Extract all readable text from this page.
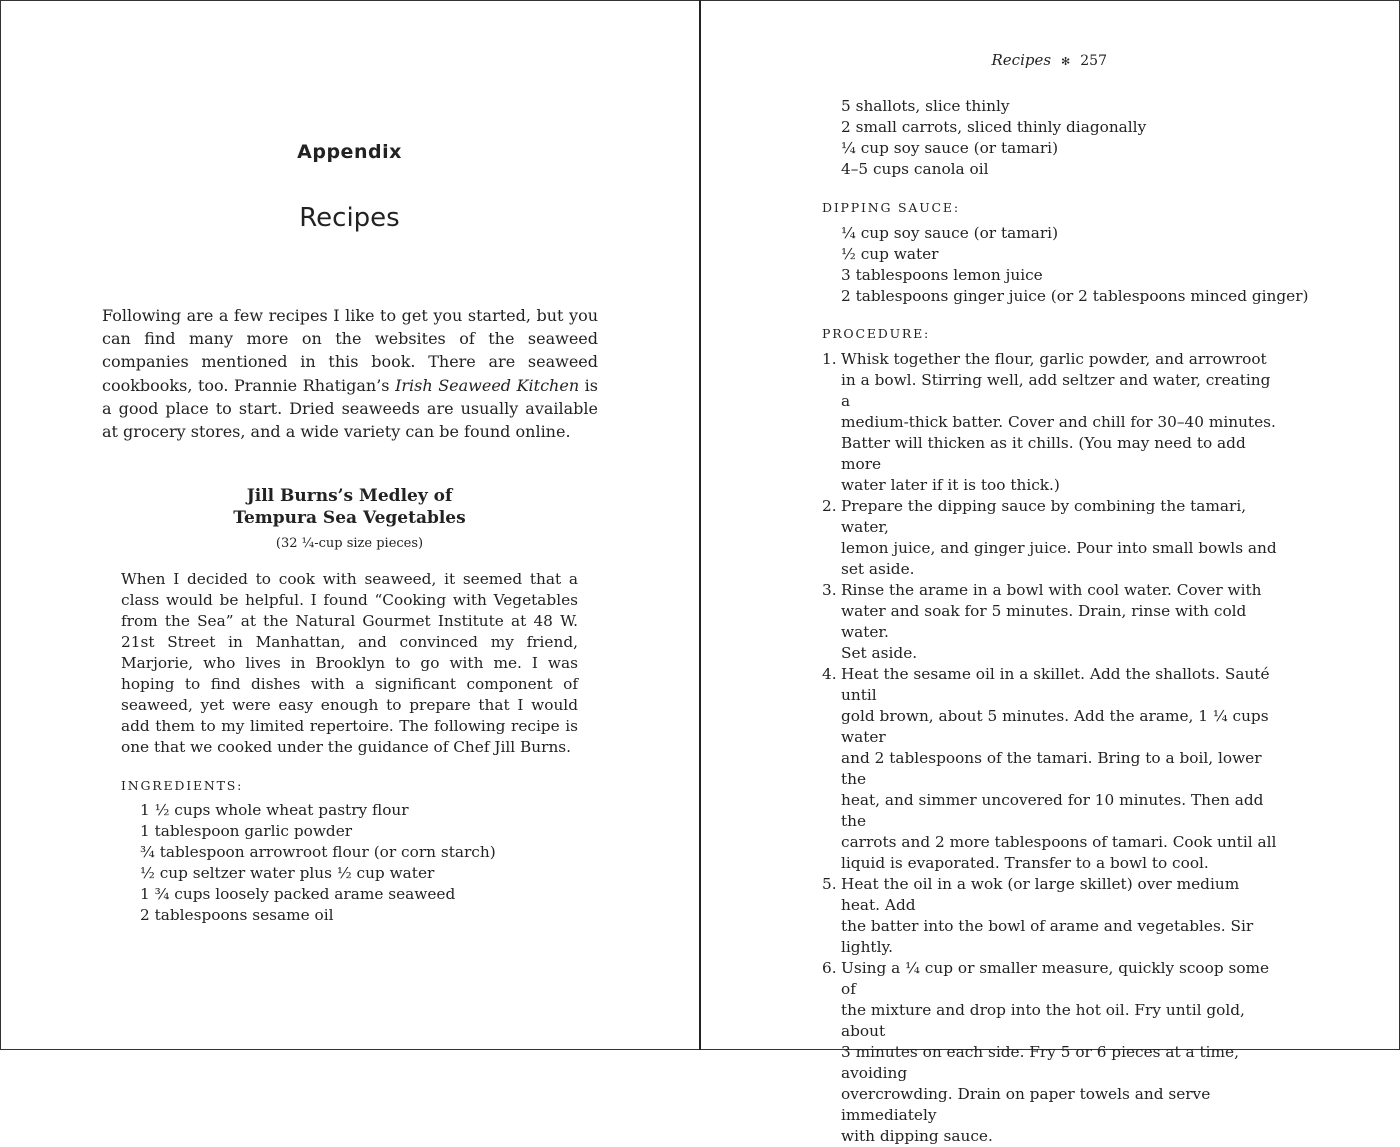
Appendix
Recipes

Following are a few recipes I like to get you started, but you can find many more on the websites of the seaweed companies mentioned in this book. There are seaweed cookbooks, too. Prannie Rhatigan’s Irish Seaweed Kitchen is a good place to start. Dried seaweeds are usually available at grocery stores, and a wide variety can be found online.

Jill Burns’s Medley of
Tempura Sea Vegetables
(32 ¼-cup size pieces)

When I decided to cook with seaweed, it seemed that a class would be helpful. I found “Cooking with Vegetables from the Sea” at the Natural Gourmet Institute at 48 W. 21st Street in Manhattan, and convinced my friend, Marjorie, who lives in Brooklyn to go with me. I was hoping to find dishes with a significant component of seaweed, yet were easy enough to prepare that I would add them to my limited repertoire. The following recipe is one that we cooked under the guidance of Chef Jill Burns.

INGREDIENTS:
1 ½ cups whole wheat pastry flour
1 tablespoon garlic powder
¾ tablespoon arrowroot flour (or corn starch)
½ cup seltzer water plus ½ cup water
1 ¾ cups loosely packed arame seaweed
2 tablespoons sesame oil
Recipes ✻ 257
5 shallots, slice thinly
2 small carrots, sliced thinly diagonally
¼ cup soy sauce (or tamari)
4–5 cups canola oil
DIPPING SAUCE:
¼ cup soy sauce (or tamari)
½ cup water
3 tablespoons lemon juice
2 tablespoons ginger juice (or 2 tablespoons minced ginger)
PROCEDURE:
1. Whisk together the flour, garlic powder, and arrowroot
in a bowl. Stirring well, add seltzer and water, creating a
medium-thick batter. Cover and chill for 30–40 minutes.
Batter will thicken as it chills. (You may need to add more
water later if it is too thick.)
2. Prepare the dipping sauce by combining the tamari, water,
lemon juice, and ginger juice. Pour into small bowls and
set aside.
3. Rinse the arame in a bowl with cool water. Cover with
water and soak for 5 minutes. Drain, rinse with cold water.
Set aside.
4. Heat the sesame oil in a skillet. Add the shallots. Sauté until
gold brown, about 5 minutes. Add the arame, 1 ¼ cups water
and 2 tablespoons of the tamari. Bring to a boil, lower the
heat, and simmer uncovered for 10 minutes. Then add the
carrots and 2 more tablespoons of tamari. Cook until all
liquid is evaporated. Transfer to a bowl to cool.
5. Heat the oil in a wok (or large skillet) over medium heat. Add
the batter into the bowl of arame and vegetables. Sir lightly.
6. Using a ¼ cup or smaller measure, quickly scoop some of
the mixture and drop into the hot oil. Fry until gold, about
3 minutes on each side. Fry 5 or 6 pieces at a time, avoiding
overcrowding. Drain on paper towels and serve immediately
with dipping sauce.
